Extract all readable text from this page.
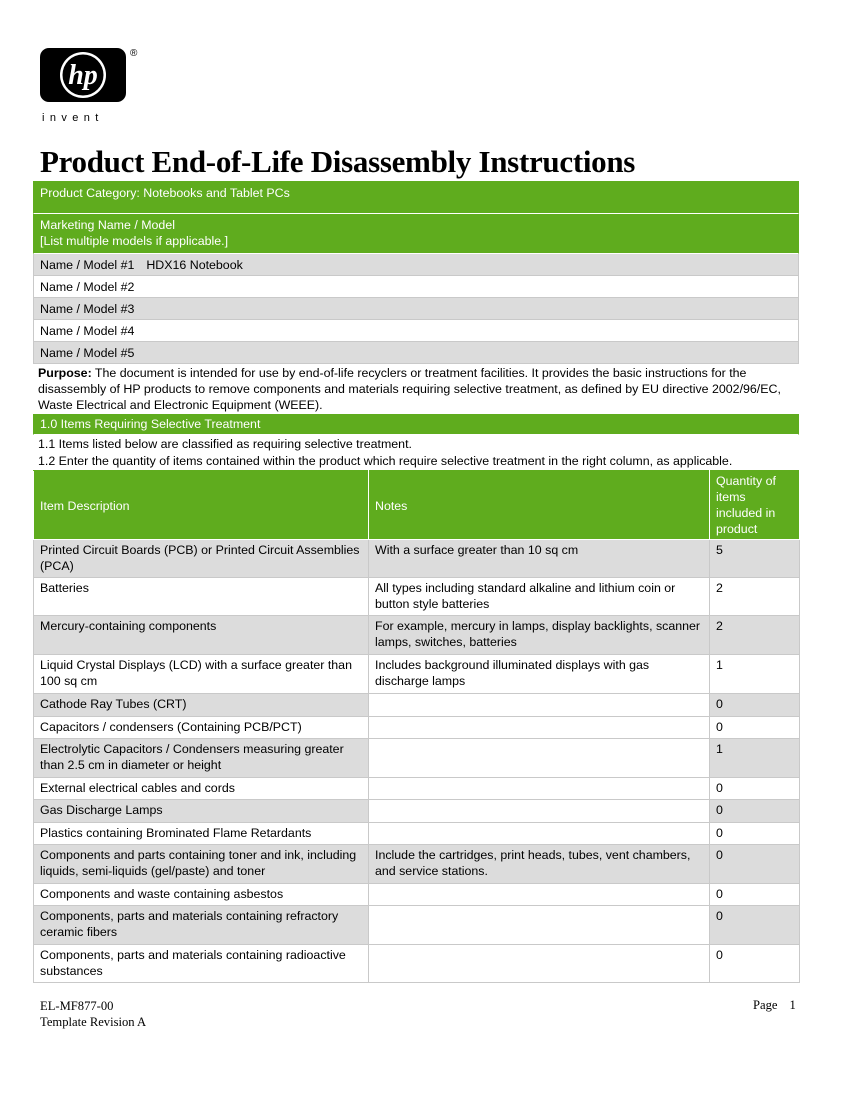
hp
®
invent
Product End-of-Life Disassembly Instructions
Product Category: Notebooks and Tablet PCs
Marketing Name / Model
[List multiple models if applicable.]
Name / Model #1 HDX16 Notebook
Name / Model #2
Name / Model #3
Name / Model #4
Name / Model #5
Purpose: The document is intended for use by end-of-life recyclers or treatment facilities. It provides the basic instructions for the disassembly of HP products to remove components and materials requiring selective treatment, as defined by EU directive 2002/96/EC, Waste Electrical and Electronic Equipment (WEEE).
1.0 Items Requiring Selective Treatment
1.1 Items listed below are classified as requiring selective treatment.
1.2 Enter the quantity of items contained within the product which require selective treatment in the right column, as applicable.
Item Description	Notes	Quantity of items included in product
Printed Circuit Boards (PCB) or Printed Circuit Assemblies (PCA)	With a surface greater than 10 sq cm	5
Batteries	All types including standard alkaline and lithium coin or button style batteries	2
Mercury-containing components	For example, mercury in lamps, display backlights, scanner lamps, switches, batteries	2
Liquid Crystal Displays (LCD) with a surface greater than 100 sq cm	Includes background illuminated displays with gas discharge lamps	1
Cathode Ray Tubes (CRT)		0
Capacitors / condensers (Containing PCB/PCT)		0
Electrolytic Capacitors / Condensers measuring greater than 2.5 cm in diameter or height		1
External electrical cables and cords		0
Gas Discharge Lamps		0
Plastics containing Brominated Flame Retardants		0
Components and parts containing toner and ink, including liquids, semi-liquids (gel/paste) and toner	Include the cartridges, print heads, tubes, vent chambers, and service stations.	0
Components and waste containing asbestos		0
Components, parts and materials containing refractory ceramic fibers		0
Components, parts and materials containing radioactive substances		0
EL-MF877-00
Template Revision A
Page 1
